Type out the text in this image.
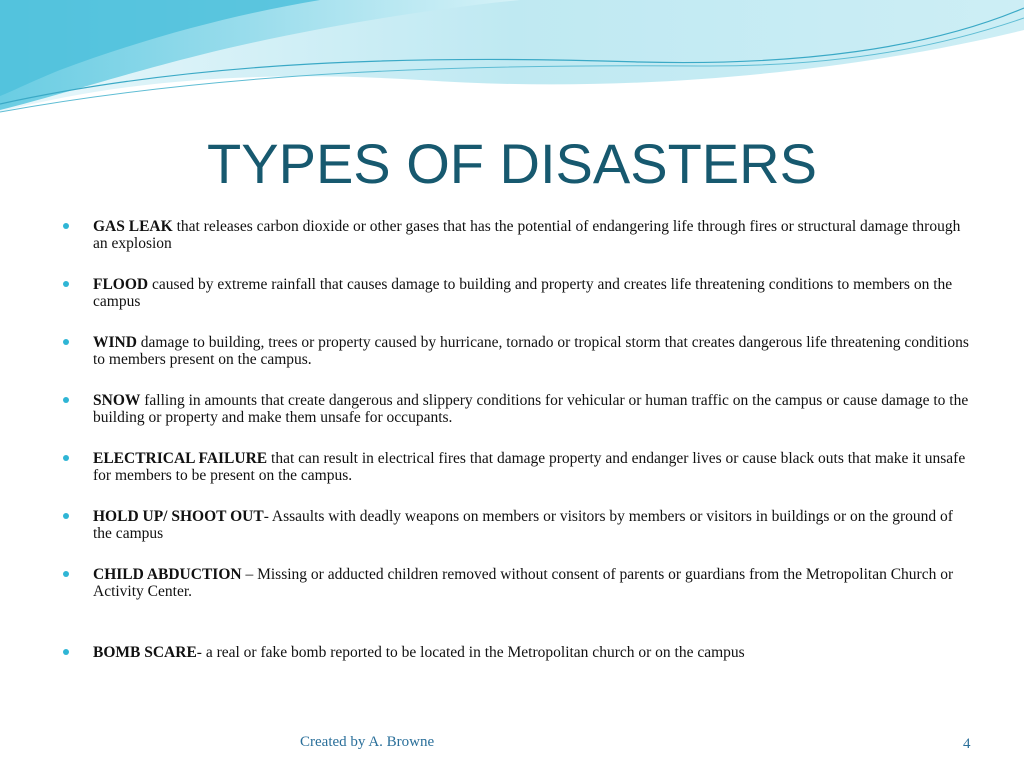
TYPES OF DISASTERS
GAS LEAK that releases carbon dioxide or other gases that has the potential of endangering life through fires or structural damage through an explosion
FLOOD caused by extreme rainfall that causes damage to building and property and creates life threatening conditions to members on the campus
WIND damage to building, trees or property caused by hurricane, tornado or tropical storm that creates dangerous life threatening conditions to members present on the campus.
SNOW falling in amounts that create dangerous and slippery conditions for vehicular or human traffic on the campus or cause damage to the building or property and make them unsafe for occupants.
ELECTRICAL FAILURE that can result in electrical fires that damage property and endanger lives or cause black outs that make it unsafe for members to be present on the campus.
HOLD UP/ SHOOT OUT- Assaults with deadly weapons on members or visitors by members or visitors in buildings or on the ground of the campus
CHILD ABDUCTION – Missing or adducted children removed without consent of parents or guardians from the Metropolitan Church or Activity Center.
BOMB SCARE- a real or fake bomb reported to be located in the Metropolitan church or on the campus
Created by A. Browne	4
